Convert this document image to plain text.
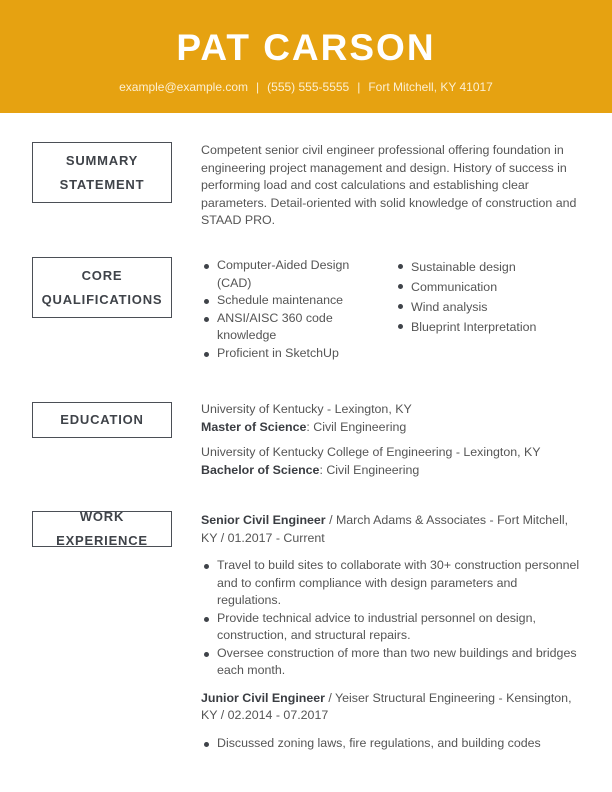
PAT CARSON
example@example.com | (555) 555-5555 | Fort Mitchell, KY 41017
SUMMARY
STATEMENT

Competent senior civil engineer professional offering foundation in engineering project management and design. History of success in performing load and cost calculations and establishing clear parameters. Detail-oriented with solid knowledge of construction and STAAD PRO.

CORE
QUALIFICATIONS
Computer-Aided Design (CAD)
Schedule maintenance
ANSI/AISC 360 code knowledge
Proficient in SketchUp
Sustainable design
Communication
Wind analysis
Blueprint Interpretation
EDUCATION

University of Kentucky - Lexington, KY

Master of Science: Civil Engineering

University of Kentucky College of Engineering - Lexington, KY

Bachelor of Science: Civil Engineering

WORK EXPERIENCE

Senior Civil Engineer / March Adams & Associates - Fort Mitchell, KY / 01.2017 - Current

Travel to build sites to collaborate with 30+ construction personnel and to confirm compliance with design parameters and regulations.
Provide technical advice to industrial personnel on design, construction, and structural repairs.
Oversee construction of more than two new buildings and bridges each month.

Junior Civil Engineer / Yeiser Structural Engineering - Kensington, KY / 02.2014 - 07.2017

Discussed zoning laws, fire regulations, and building codes
